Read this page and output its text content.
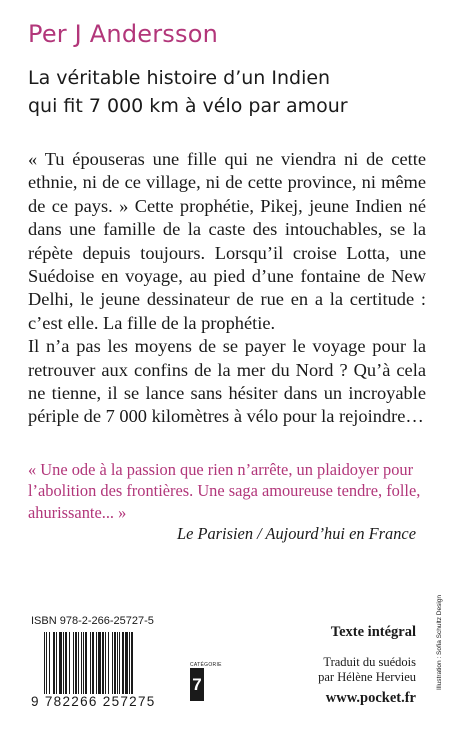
Per J Andersson
La véritable histoire d’un Indien
qui fit 7 000 km à vélo par amour

« Tu épouseras une fille qui ne viendra ni de cette ethnie, ni de ce village, ni de cette province, ni même de ce pays. » Cette prophétie, Pikej, jeune Indien né dans une famille de la caste des intouchables, se la répète depuis toujours. Lorsqu’il croise Lotta, une Suédoise en voyage, au pied d’une fontaine de New Delhi, le jeune dessinateur de rue en a la certitude : c’est elle. La fille de la prophétie.

Il n’a pas les moyens de se payer le voyage pour la retrouver aux confins de la mer du Nord ? Qu’à cela ne tienne, il se lance sans hésiter dans un incroyable périple de 7 000 kilomètres à vélo pour la rejoindre…

« Une ode à la passion que rien n’arrête, un plaidoyer pour l’abolition des frontières. Une saga amoureuse tendre, folle, ahurissante... »
Le Parisien / Aujourd’hui en France
ISBN 978-2-266-25727-5
9 782266 257275
CATÉGORIE
7
Texte intégral
Traduit du suédois
par Hélène Hervieu
www.pocket.fr
Illustration : Sofia Schultz Design
